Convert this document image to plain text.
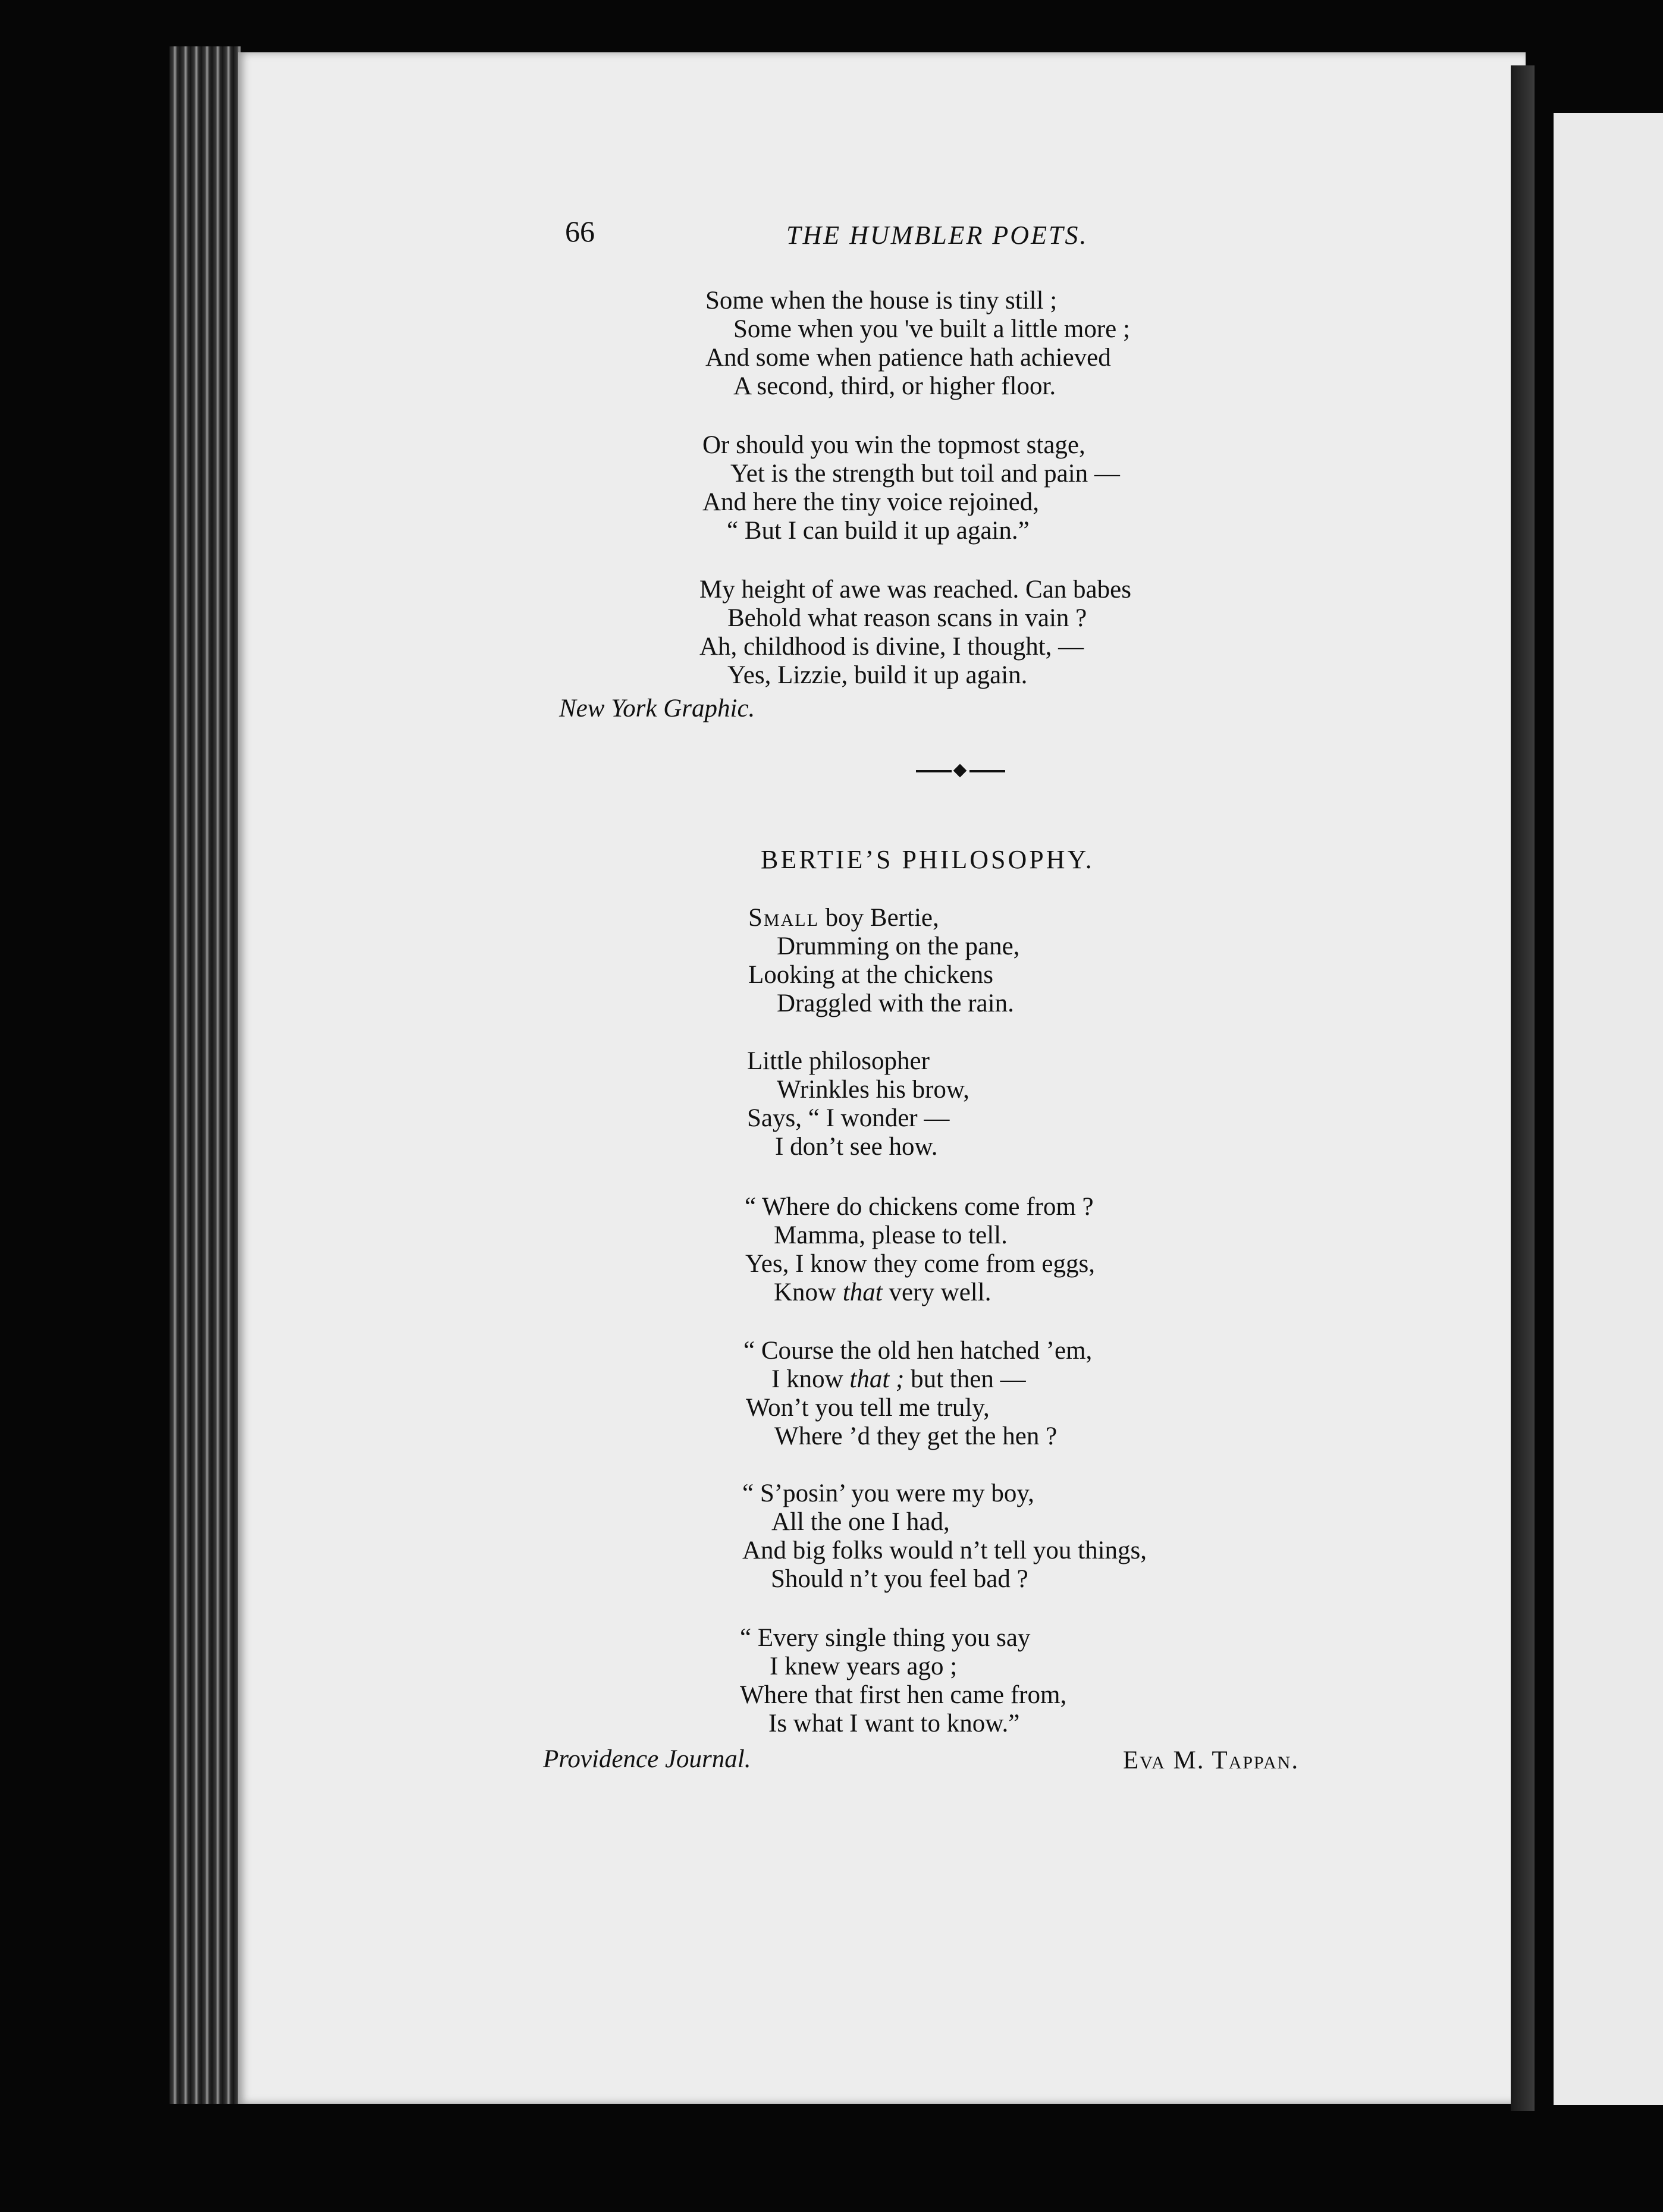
66	THE HUMBLER POETS.
Some when the house is tiny still ;
Some when you 've built a little more ;
And some when patience hath achieved
A second, third, or higher floor.
Or should you win the topmost stage,
Yet is the strength but toil and pain —
And here the tiny voice rejoined,
“ But I can build it up again.”
My height of awe was reached. Can babes
Behold what reason scans in vain ?
Ah, childhood is divine, I thought, —
Yes, Lizzie, build it up again.
New York Graphic.
BERTIE’S PHILOSOPHY.
Small boy Bertie,
Drumming on the pane,
Looking at the chickens
Draggled with the rain.
Little philosopher
Wrinkles his brow,
Says, “ I wonder —
I don’t see how.
“ Where do chickens come from ?
Mamma, please to tell.
Yes, I know they come from eggs,
Know that very well.
“ Course the old hen hatched ’em,
I know that ; but then —
Won’t you tell me truly,
Where ’d they get the hen ?
“ S’posin’ you were my boy,
All the one I had,
And big folks would n’t tell you things,
Should n’t you feel bad ?
“ Every single thing you say
I knew years ago ;
Where that first hen came from,
Is what I want to know.”
Providence Journal.	Eva M. Tappan.
